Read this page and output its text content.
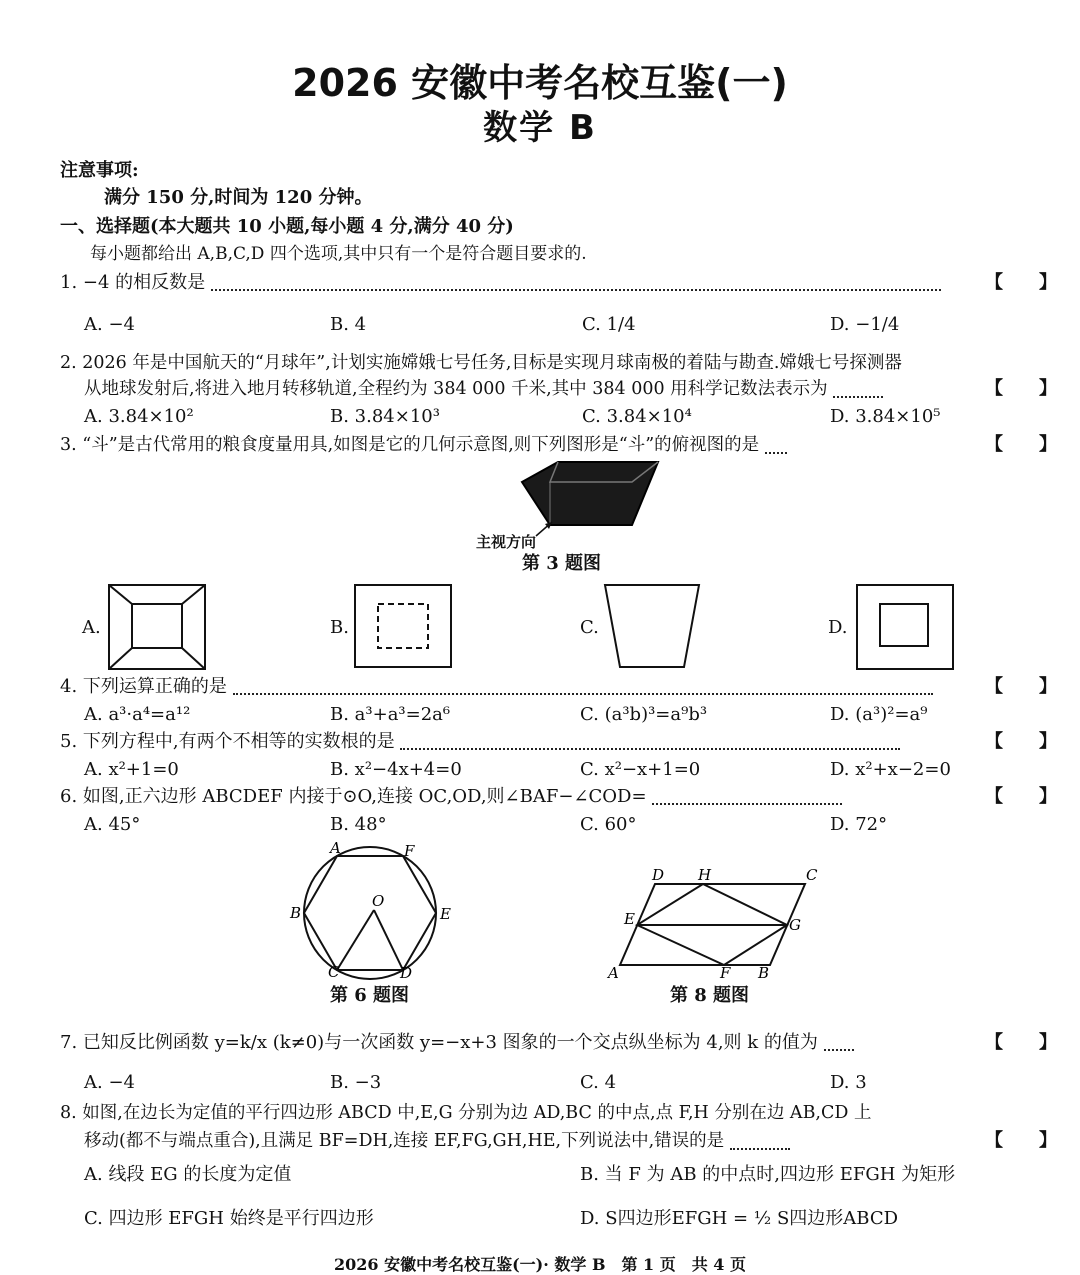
2026 安徽中考名校互鉴(一)
数学 B
注意事项:
满分 150 分,时间为 120 分钟。
一、选择题(本大题共 10 小题,每小题 4 分,满分 40 分)
每小题都给出 A,B,C,D 四个选项,其中只有一个是符合题目要求的.
1. −4 的相反数是	【　　】
A. −4	B. 4	C. 1/4	D. −1/4
2. 2026 年是中国航天的“月球年”,计划实施嫦娥七号任务,目标是实现月球南极的着陆与勘查.嫦娥七号探测器
从地球发射后,将进入地月转移轨道,全程约为 384 000 千米,其中 384 000 用科学记数法表示为	【　　】
A. 3.84×10²	B. 3.84×10³	C. 3.84×10⁴	D. 3.84×10⁵
3. “斗”是古代常用的粮食度量用具,如图是它的几何示意图,则下列图形是“斗”的俯视图的是	【　　】
主视方向
第 3 题图
A.	B.	C.	D.
4. 下列运算正确的是	【　　】
A. a³·a⁴=a¹²	B. a³+a³=2a⁶	C. (a³b)³=a⁹b³	D. (a³)²=a⁹
5. 下列方程中,有两个不相等的实数根的是	【　　】
A. x²+1=0	B. x²−4x+4=0	C. x²−x+1=0	D. x²+x−2=0
6. 如图,正六边形 ABCDEF 内接于⊙O,连接 OC,OD,则∠BAF−∠COD=	【　　】
A. 45°	B. 48°	C. 60°	D. 72°
A	F
B	E
O
C	D
第 6 题图
D H	C
E	G
A	F B
第 8 题图
7. 已知反比例函数 y=k/x (k≠0)与一次函数 y=−x+3 图象的一个交点纵坐标为 4,则 k 的值为	【　　】
A. −4	B. −3	C. 4	D. 3
8. 如图,在边长为定值的平行四边形 ABCD 中,E,G 分别为边 AD,BC 的中点,点 F,H 分别在边 AB,CD 上
移动(都不与端点重合),且满足 BF=DH,连接 EF,FG,GH,HE,下列说法中,错误的是	【　　】
A. 线段 EG 的长度为定值	B. 当 F 为 AB 的中点时,四边形 EFGH 为矩形
C. 四边形 EFGH 始终是平行四边形	D. S四边形EFGH = ½ S四边形ABCD
2026 安徽中考名校互鉴(一)· 数学 B　第 1 页　共 4 页
